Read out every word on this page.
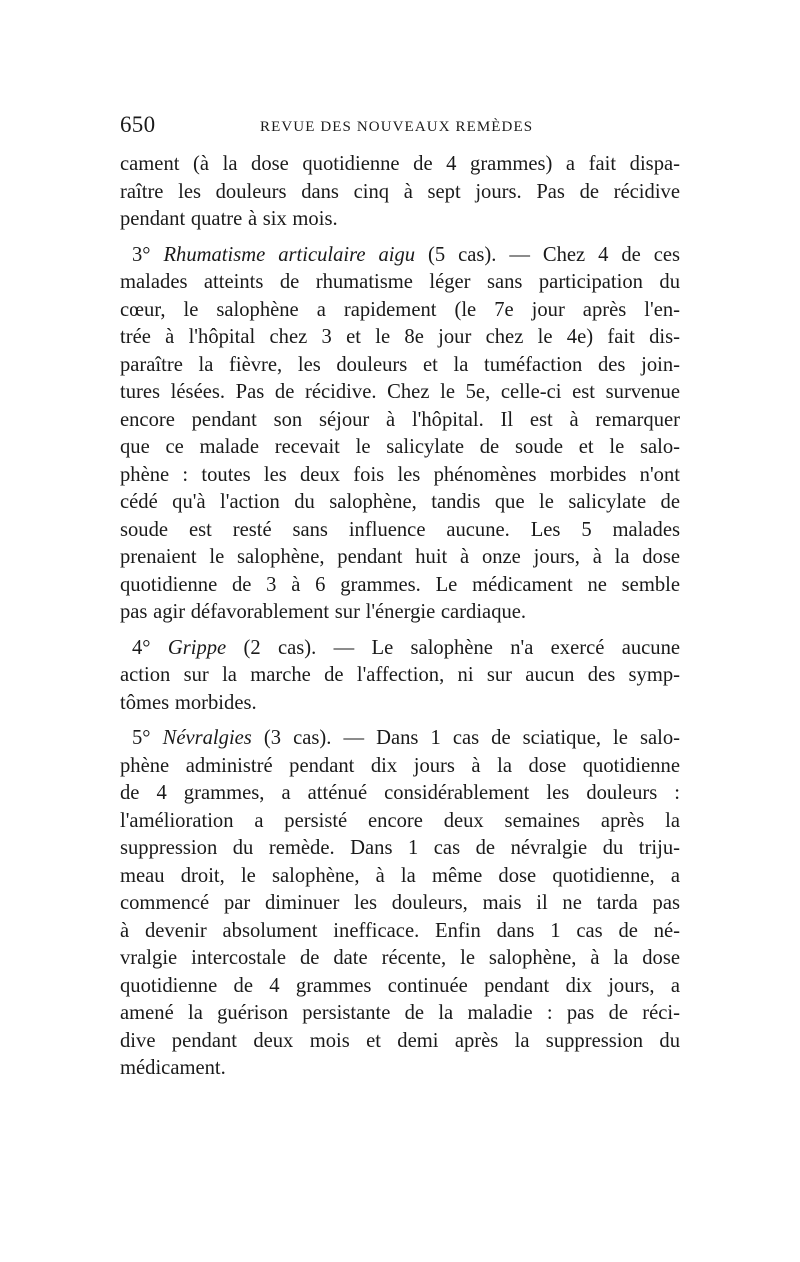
650	REVUE DES NOUVEAUX REMÈDES
cament (à la dose quotidienne de 4 grammes) a fait dispa-
raître les douleurs dans cinq à sept jours. Pas de récidive
pendant quatre à six mois.
3° Rhumatisme articulaire aigu (5 cas). — Chez 4 de ces
malades atteints de rhumatisme léger sans participation du
cœur, le salophène a rapidement (le 7e jour après l'en-
trée à l'hôpital chez 3 et le 8e jour chez le 4e) fait dis-
paraître la fièvre, les douleurs et la tuméfaction des join-
tures lésées. Pas de récidive. Chez le 5e, celle-ci est survenue
encore pendant son séjour à l'hôpital. Il est à remarquer
que ce malade recevait le salicylate de soude et le salo-
phène : toutes les deux fois les phénomènes morbides n'ont
cédé qu'à l'action du salophène, tandis que le salicylate de
soude est resté sans influence aucune. Les 5 malades
prenaient le salophène, pendant huit à onze jours, à la dose
quotidienne de 3 à 6 grammes. Le médicament ne semble
pas agir défavorablement sur l'énergie cardiaque.
4° Grippe (2 cas). — Le salophène n'a exercé aucune
action sur la marche de l'affection, ni sur aucun des symp-
tômes morbides.
5° Névralgies (3 cas). — Dans 1 cas de sciatique, le salo-
phène administré pendant dix jours à la dose quotidienne
de 4 grammes, a atténué considérablement les douleurs :
l'amélioration a persisté encore deux semaines après la
suppression du remède. Dans 1 cas de névralgie du triju-
meau droit, le salophène, à la même dose quotidienne, a
commencé par diminuer les douleurs, mais il ne tarda pas
à devenir absolument inefficace. Enfin dans 1 cas de né-
vralgie intercostale de date récente, le salophène, à la dose
quotidienne de 4 grammes continuée pendant dix jours, a
amené la guérison persistante de la maladie : pas de réci-
dive pendant deux mois et demi après la suppression du
médicament.
